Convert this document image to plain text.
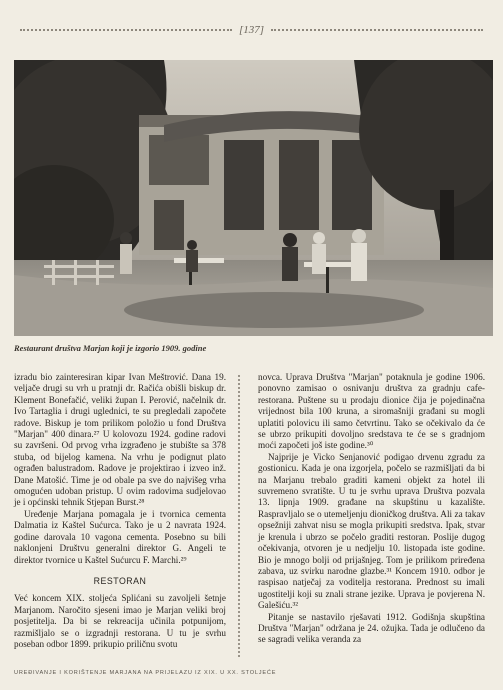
[137]
Restaurant društva Marjan koji je izgorio 1909. godine

izradu bio zainteresiran kipar Ivan Meštrović. Dana 19. veljače drugi su vrh u pratnji dr. Račića obišli biskup dr. Klement Bonefačić, veliki župan I. Perović, načelnik dr. Ivo Tartaglia i drugi uglednici, te su pregledali započete radove. Biskup je tom prilikom položio u fond Društva "Marjan" 400 dinara.²⁷ U kolovozu 1924. godine radovi su završeni. Od prvog vrha izgrađeno je stubište sa 378 stuba, od bijelog kamena. Na vrhu je podignut plato ograđen balustradom. Radove je projektirao i izveo inž. Dane Matošić. Time je od obale pa sve do najvišeg vrha omogućen udoban pristup. U ovim radovima sudjelovao je i općinski tehnik Stjepan Burst.²⁸

Uređenje Marjana pomagala je i tvornica cementa Dalmatia iz Kaštel Sućurca. Tako je u 2 navrata 1924. godine darovala 10 vagona cementa. Posebno su bili naklonjeni Društvu generalni direktor G. Angeli te direktor tvornice u Kaštel Sućurcu F. Marchi.²⁹

RESTORAN

Već koncem XIX. stoljeća Splićani su zavoljeli šetnje Marjanom. Naročito sjeseni imao je Marjan veliki broj posjetitelja. Da bi se rekreacija učinila potpunijom, razmišljalo se o izgradnji restorana. U tu je svrhu poseban odbor 1899. prikupio priličnu svotu

novca. Uprava Društva "Marjan" potaknula je godine 1906. ponovno zamisao o osnivanju društva za gradnju cafe-restorana. Puštene su u prodaju dionice čija je pojedinačna vrijednost bila 100 kruna, a siromašniji građani su mogli uplatiti polovicu ili samo četvrtinu. Tako se očekivalo da će se ubrzo prikupiti dovoljno sredstava te će se s gradnjom moći započeti još iste godine.³⁰

Najprije je Vicko Senjanović podigao drvenu zgradu za gostionicu. Kada je ona izgorjela, počelo se razmišljati da bi na Marjanu trebalo graditi kameni objekt za hotel ili suvremeno svratište. U tu je svrhu uprava Društva pozvala 13. lipnja 1909. građane na skupštinu u kazalište. Raspravljalo se o utemeljenju dioničkog društva. Ali za takav opsežniji zahvat nisu se mogla prikupiti sredstva. Ipak, stvar je krenula i ubrzo se počelo graditi restoran. Poslije dugog očekivanja, otvoren je u nedjelju 10. listopada iste godine. Bio je mnogo bolji od prijašnjeg. Tom je prilikom priređena zabava, uz svirku narodne glazbe.³¹ Koncem 1910. odbor je raspisao natječaj za voditelja restorana. Prednost su imali ugostitelji koji su znali strane jezike. Uprava je povjerena N. Galešiću.³²

Pitanje se nastavilo rješavati 1912. Godišnja skupština Društva "Marjan" održana je 24. ožujka. Tada je odlučeno da se sagradi velika veranda za

UREĐIVANJE I KORIŠTENJE MARJANA NA PRIJELAZU IZ XIX. U XX. STOLJEĆE
